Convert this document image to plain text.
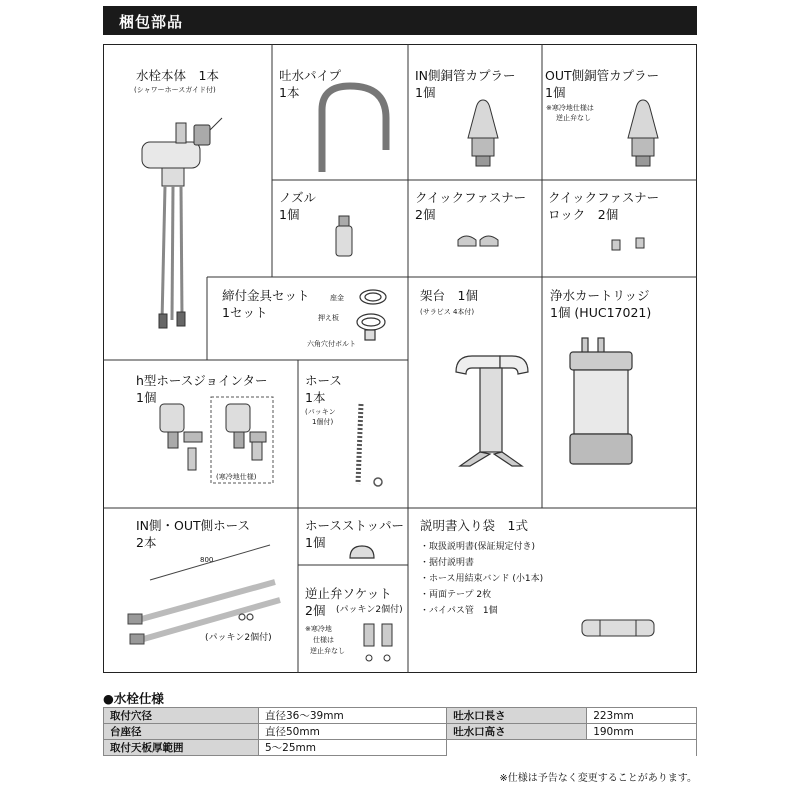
梱包部品
水栓本体　1本
(シャワーホースガイド付)
吐水パイプ
1本
IN側銅管カプラー
1個
OUT側銅管カプラー
1個
※寒冷地仕様は
逆止弁なし
ノズル
1個
クイックファスナー
2個
クイックファスナー
ロック　2個
締付金具セット
1セット
座金
押え板
六角穴付ボルト
架台　1個
(サラビス 4本付)
浄水カートリッジ
1個 (HUC17021)
h型ホースジョインター
1個
(寒冷地仕様)
ホース
1本
(パッキン
1個付)
IN側・OUT側ホース
2本
800
(パッキン2個付)
ホースストッパー
1個
逆止弁ソケット
2個 (パッキン2個付)
※寒冷地
仕様は
逆止弁なし
説明書入り袋　1式
・取扱説明書(保証規定付き)
・据付説明書
・ホース用結束バンド (小1本)
・両面テープ 2枚
・バイパス管　1個
●水栓仕様
取付穴径	直径36〜39mm	吐水口長さ	223mm
台座径	直径50mm	吐水口高さ	190mm
取付天板厚範囲	5〜25mm		
※仕様は予告なく変更することがあります。
